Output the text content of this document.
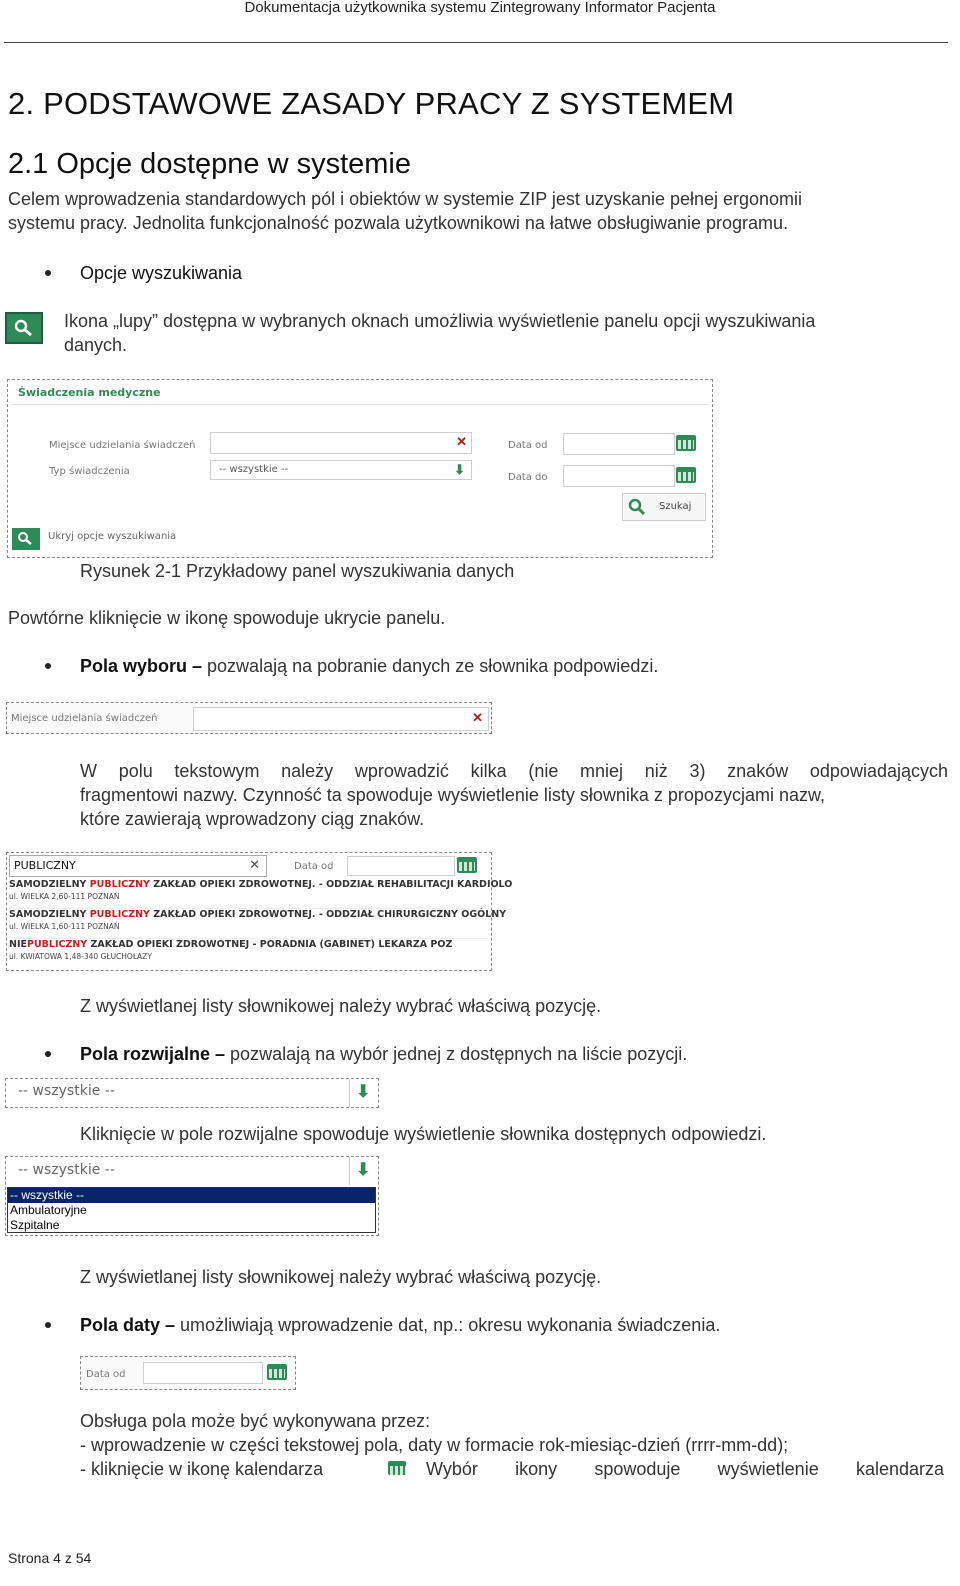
Dokumentacja użytkownika systemu Zintegrowany Informator Pacjenta
2. PODSTAWOWE ZASADY PRACY Z SYSTEMEM
2.1 Opcje dostępne w systemie
Celem wprowadzenia standardowych pól i obiektów w systemie ZIP jest uzyskanie pełnej ergonomii
systemu pracy. Jednolita funkcjonalność pozwala użytkownikowi na łatwe obsługiwanie programu.
Opcje wyszukiwania
Ikona „lupy” dostępna w wybranych oknach umożliwia wyświetlenie panelu opcji wyszukiwania
danych.
Świadczenia medyczne
Miejsce udzielania świadczeń	✕
Typ świadczenia	-- wszystkie --	⬇
Data od
Data do
Szukaj
Ukryj opcje wyszukiwania
Rysunek 2-1 Przykładowy panel wyszukiwania danych
Powtórne kliknięcie w ikonę spowoduje ukrycie panelu.
Pola wyboru – pozwalają na pobranie danych ze słownika podpowiedzi.
Miejsce udzielania świadczeń	✕
W polu tekstowym należy wprowadzić kilka (nie mniej niż 3) znaków odpowiadających
fragmentowi nazwy. Czynność ta spowoduje wyświetlenie listy słownika z propozycjami nazw,
które zawierają wprowadzony ciąg znaków.
PUBLICZNY	✕	Data od
SAMODZIELNY PUBLICZNY ZAKŁAD OPIEKI ZDROWOTNEJ. - ODDZIAŁ REHABILITACJI KARDIOLO
ul. WIELKA 2,60-111 POZNAŃ
SAMODZIELNY PUBLICZNY ZAKŁAD OPIEKI ZDROWOTNEJ. - ODDZIAŁ CHIRURGICZNY OGÓLNY
ul. WIELKA 1,60-111 POZNAŃ
NIEPUBLICZNY ZAKŁAD OPIEKI ZDROWOTNEJ - PORADNIA (GABINET) LEKARZA POZ
ul. KWIATOWA 1,48-340 GŁUCHOŁAZY
Z wyświetlanej listy słownikowej należy wybrać właściwą pozycję.
Pola rozwijalne – pozwalają na wybór jednej z dostępnych na liście pozycji.
-- wszystkie --	⬇
Kliknięcie w pole rozwijalne spowoduje wyświetlenie słownika dostępnych odpowiedzi.
-- wszystkie --	⬇
-- wszystkie --
Ambulatoryjne
Szpitalne
Z wyświetlanej listy słownikowej należy wybrać właściwą pozycję.
Pola daty – umożliwiają wprowadzenie dat, np.: okresu wykonania świadczenia.
Data od
Obsługa pola może być wykonywana przez:
- wprowadzenie w części tekstowej pola, daty w formacie rok-miesiąc-dzień (rrrr-mm-dd);
- kliknięcie w ikonę kalendarza	Wybór ikony spowoduje wyświetlenie kalendarza
Strona 4 z 54
